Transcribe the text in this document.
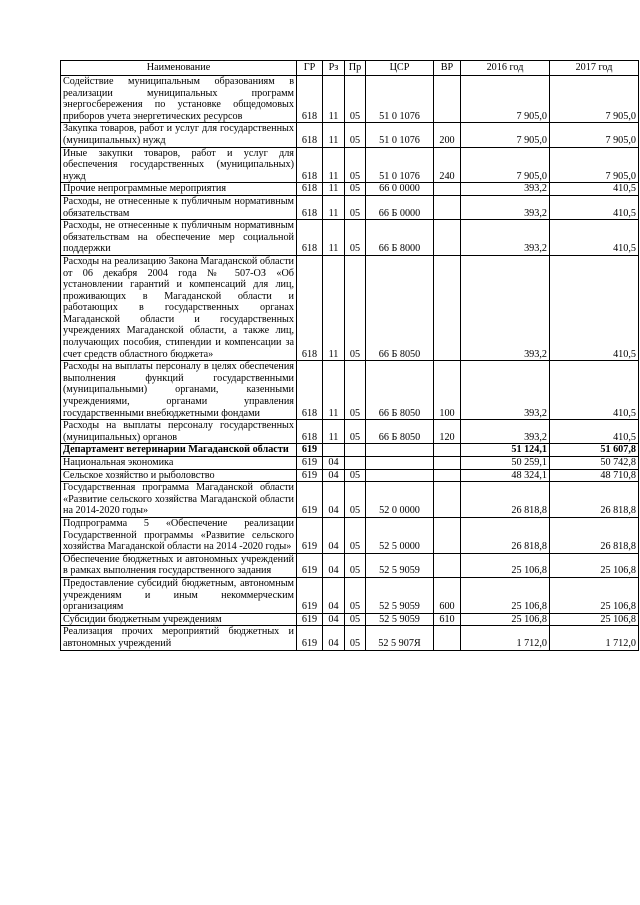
Наименование	ГР	Рз	Пр	ЦСР	ВР	2016 год	2017 год
Содействие муниципальным образованиям в реализации муниципальных программ энергосбережения по установке общедомовых приборов учета энергетических ресурсов	618	11	05	51 0 1076		7 905,0	7 905,0
Закупка товаров, работ и услуг для государственных (муниципальных) нужд	618	11	05	51 0 1076	200	7 905,0	7 905,0
Иные закупки товаров, работ и услуг для обеспечения государственных (муниципальных) нужд	618	11	05	51 0 1076	240	7 905,0	7 905,0
Прочие непрограммные мероприятия	618	11	05	66 0 0000		393,2	410,5
Расходы, не отнесенные к публичным нормативным обязательствам	618	11	05	66 Б 0000		393,2	410,5
Расходы, не отнесенные к публичным нормативным обязательствам на обеспечение мер социальной поддержки	618	11	05	66 Б 8000		393,2	410,5
Расходы на реализацию Закона Магаданской области от 06 декабря 2004 года № 507-ОЗ «Об установлении гарантий и компенсаций для лиц, проживающих в Магаданской области и работающих в государственных органах Магаданской области и государственных учреждениях Магаданской области, а также лиц, получающих пособия, стипендии и компенсации за счет средств областного бюджета»	618	11	05	66 Б 8050		393,2	410,5
Расходы на выплаты персоналу в целях обеспечения выполнения функций государственными (муниципальными) органами, казенными учреждениями, органами управления государственными внебюджетными фондами	618	11	05	66 Б 8050	100	393,2	410,5
Расходы на выплаты персоналу государственных (муниципальных) органов	618	11	05	66 Б 8050	120	393,2	410,5
Департамент ветеринарии Магаданской области	619					51 124,1	51 607,8
Национальная экономика	619	04				50 259,1	50 742,8
Сельское хозяйство и рыболовство	619	04	05			48 324,1	48 710,8
Государственная программа Магаданской области «Развитие сельского хозяйства Магаданской области на 2014-2020 годы»	619	04	05	52 0 0000		26 818,8	26 818,8
Подпрограмма 5 «Обеспечение реализации Государственной программы «Развитие сельского хозяйства Магаданской области на 2014 -2020 годы»	619	04	05	52 5 0000		26 818,8	26 818,8
Обеспечение бюджетных и автономных учреждений в рамках выполнения государственного задания	619	04	05	52 5 9059		25 106,8	25 106,8
Предоставление субсидий бюджетным, автономным учреждениям и иным некоммерческим организациям	619	04	05	52 5 9059	600	25 106,8	25 106,8
Субсидии бюджетным учреждениям	619	04	05	52 5 9059	610	25 106,8	25 106,8
Реализация прочих мероприятий бюджетных и автономных учреждений	619	04	05	52 5 907Я		1 712,0	1 712,0
